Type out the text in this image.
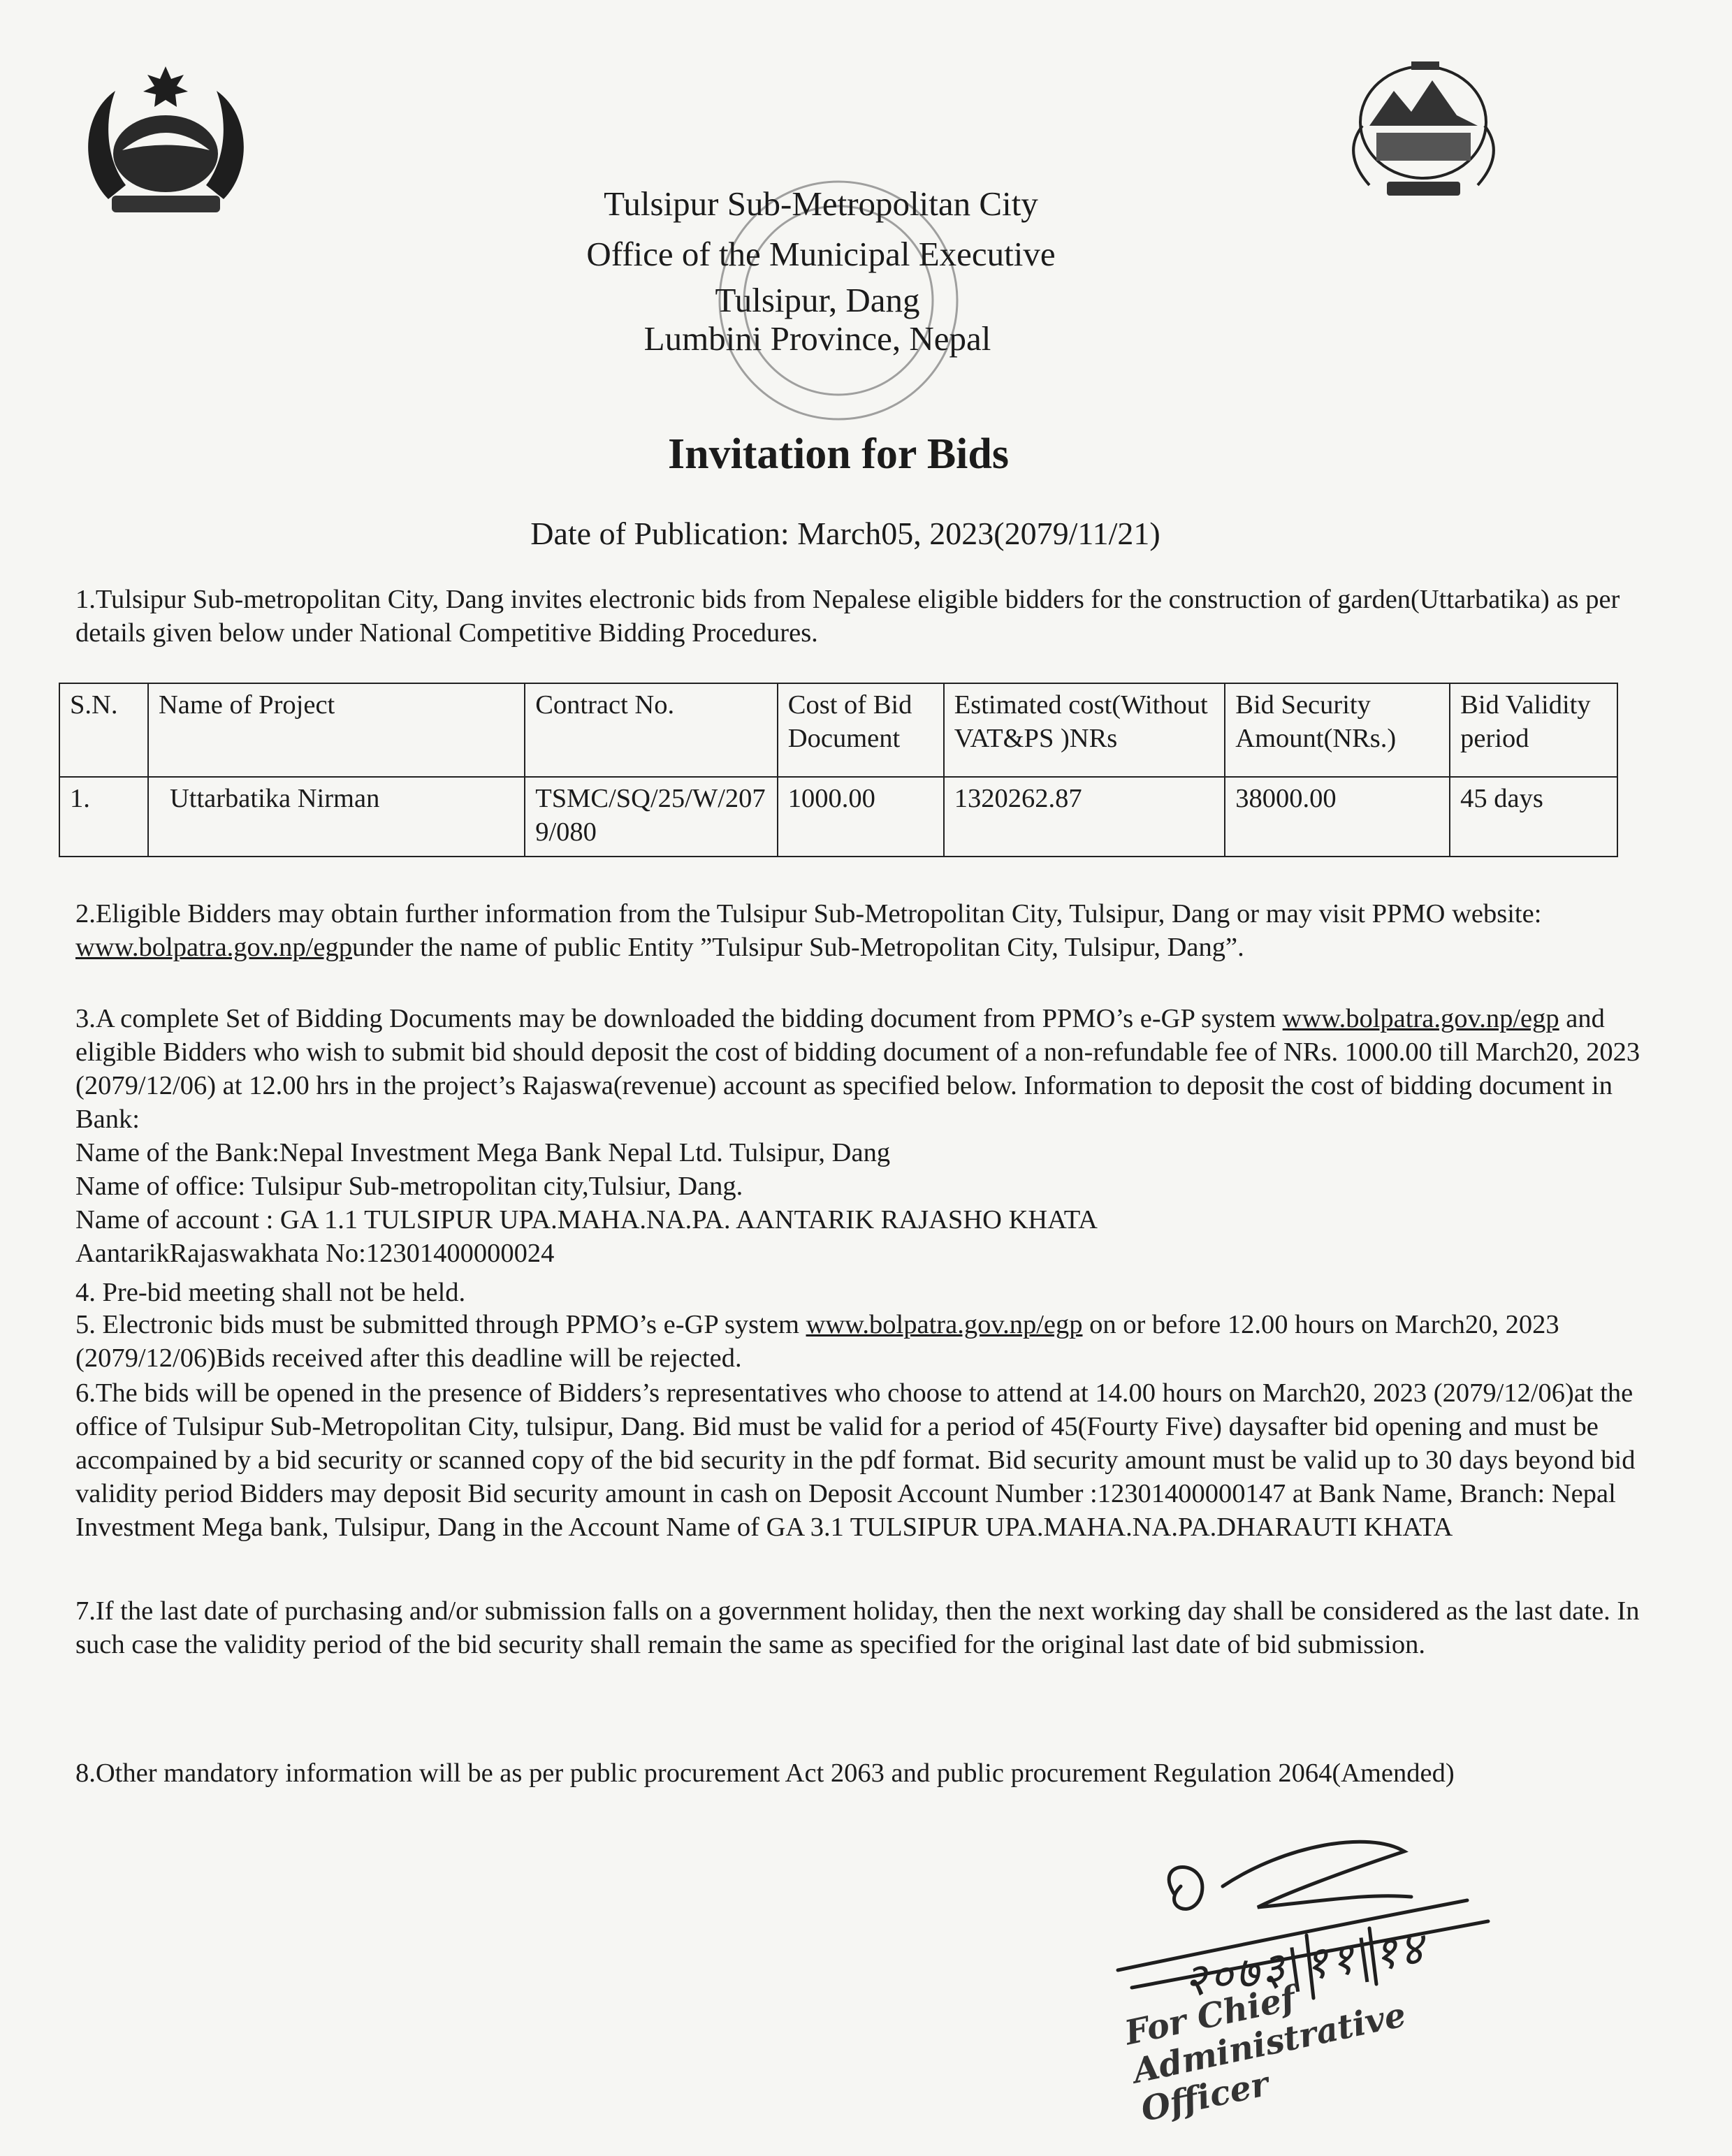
Tulsipur Sub-Metropolitan City
Office of the Municipal Executive
Tulsipur, Dang
Lumbini Province, Nepal
Invitation for Bids
Date of Publication: March05, 2023(2079/11/21)
1.Tulsipur Sub-metropolitan City, Dang invites electronic bids from Nepalese eligible bidders for the construction of garden(Uttarbatika) as per details given below under National Competitive Bidding Procedures.
S.N.	Name of Project	Contract No.	Cost of Bid Document	Estimated cost(Without VAT&PS )NRs	Bid Security Amount(NRs.)	Bid Validity period
1.	Uttarbatika Nirman	TSMC/SQ/25/W/2079/080	1000.00	1320262.87	38000.00	45 days
2.Eligible Bidders may obtain further information from the Tulsipur Sub-Metropolitan City, Tulsipur, Dang or may visit PPMO website: www.bolpatra.gov.np/egpunder the name of public Entity ”Tulsipur Sub-Metropolitan City, Tulsipur, Dang”.

3.A complete Set of Bidding Documents may be downloaded the bidding document from PPMO’s e-GP system www.bolpatra.gov.np/egp and eligible Bidders who wish to submit bid should deposit the cost of bidding document of a non-refundable fee of NRs. 1000.00 till March20, 2023 (2079/12/06) at 12.00 hrs in the project’s Rajaswa(revenue) account as specified below. Information to deposit the cost of bidding document in Bank:

Name of the Bank:Nepal Investment Mega Bank Nepal Ltd. Tulsipur, Dang

Name of office: Tulsipur Sub-metropolitan city,Tulsiur, Dang.

Name of account : GA 1.1 TULSIPUR UPA.MAHA.NA.PA. AANTARIK RAJASHO KHATA

AantarikRajaswakhata No:12301400000024

4. Pre-bid meeting shall not be held.
5. Electronic bids must be submitted through PPMO’s e-GP system www.bolpatra.gov.np/egp on or before 12.00 hours on March20, 2023 (2079/12/06)Bids received after this deadline will be rejected.
6.The bids will be opened in the presence of Bidders’s representatives who choose to attend at 14.00 hours on March20, 2023 (2079/12/06)at the office of Tulsipur Sub-Metropolitan City, tulsipur, Dang. Bid must be valid for a period of 45(Fourty Five) daysafter bid opening and must be accompained by a bid security or scanned copy of the bid security in the pdf format. Bid security amount must be valid up to 30 days beyond bid validity period Bidders may deposit Bid security amount in cash on Deposit Account Number :12301400000147 at Bank Name, Branch: Nepal Investment Mega bank, Tulsipur, Dang in the Account Name of GA 3.1 TULSIPUR UPA.MAHA.NA.PA.DHARAUTI KHATA
7.If the last date of purchasing and/or submission falls on a government holiday, then the next working day shall be considered as the last date. In such case the validity period of the bid security shall remain the same as specified for the original last date of bid submission.
8.Other mandatory information will be as per public procurement Act 2063 and public procurement Regulation 2064(Amended)
२०७३|११|१४
For Chief Administrative Officer
